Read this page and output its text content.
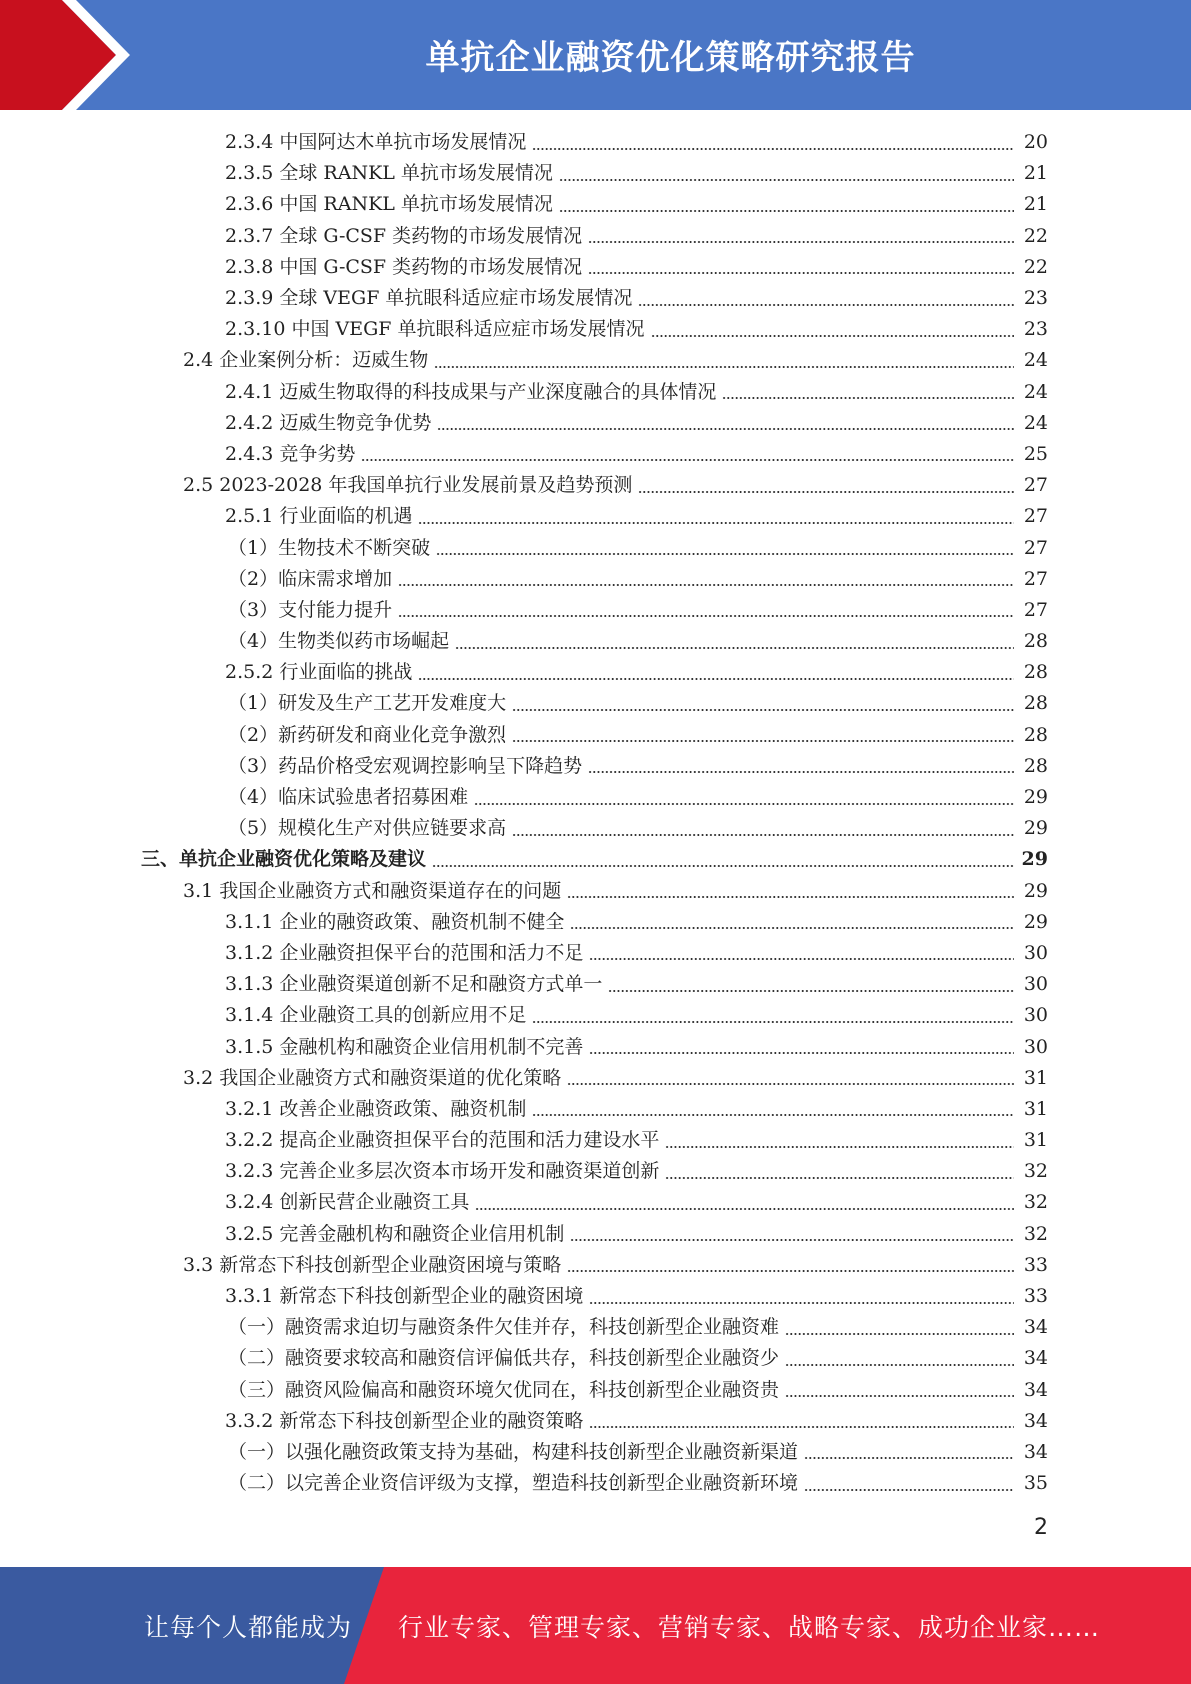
单抗企业融资优化策略研究报告
2.3.4 中国阿达木单抗市场发展情况	20
2.3.5 全球 RANKL 单抗市场发展情况	21
2.3.6 中国 RANKL 单抗市场发展情况	21
2.3.7 全球 G-CSF 类药物的市场发展情况	22
2.3.8 中国 G-CSF 类药物的市场发展情况	22
2.3.9 全球 VEGF 单抗眼科适应症市场发展情况	23
2.3.10 中国 VEGF 单抗眼科适应症市场发展情况	23
2.4 企业案例分析：迈威生物	24
2.4.1 迈威生物取得的科技成果与产业深度融合的具体情况	24
2.4.2 迈威生物竞争优势	24
2.4.3 竞争劣势	25
2.5 2023-2028 年我国单抗行业发展前景及趋势预测	27
2.5.1 行业面临的机遇	27
（1）生物技术不断突破	27
（2）临床需求增加	27
（3）支付能力提升	27
（4）生物类似药市场崛起	28
2.5.2 行业面临的挑战	28
（1）研发及生产工艺开发难度大	28
（2）新药研发和商业化竞争激烈	28
（3）药品价格受宏观调控影响呈下降趋势	28
（4）临床试验患者招募困难	29
（5）规模化生产对供应链要求高	29
三、单抗企业融资优化策略及建议	29
3.1 我国企业融资方式和融资渠道存在的问题	29
3.1.1 企业的融资政策、融资机制不健全	29
3.1.2 企业融资担保平台的范围和活力不足	30
3.1.3 企业融资渠道创新不足和融资方式单一	30
3.1.4 企业融资工具的创新应用不足	30
3.1.5 金融机构和融资企业信用机制不完善	30
3.2 我国企业融资方式和融资渠道的优化策略	31
3.2.1 改善企业融资政策、融资机制	31
3.2.2 提高企业融资担保平台的范围和活力建设水平	31
3.2.3 完善企业多层次资本市场开发和融资渠道创新	32
3.2.4 创新民营企业融资工具	32
3.2.5 完善金融机构和融资企业信用机制	32
3.3 新常态下科技创新型企业融资困境与策略	33
3.3.1 新常态下科技创新型企业的融资困境	33
（一）融资需求迫切与融资条件欠佳并存，科技创新型企业融资难	34
（二）融资要求较高和融资信评偏低共存，科技创新型企业融资少	34
（三）融资风险偏高和融资环境欠优同在，科技创新型企业融资贵	34
3.3.2 新常态下科技创新型企业的融资策略	34
（一）以强化融资政策支持为基础，构建科技创新型企业融资新渠道	34
（二）以完善企业资信评级为支撑，塑造科技创新型企业融资新环境	35
2
让每个人都能成为 行业专家、管理专家、营销专家、战略专家、成功企业家……
